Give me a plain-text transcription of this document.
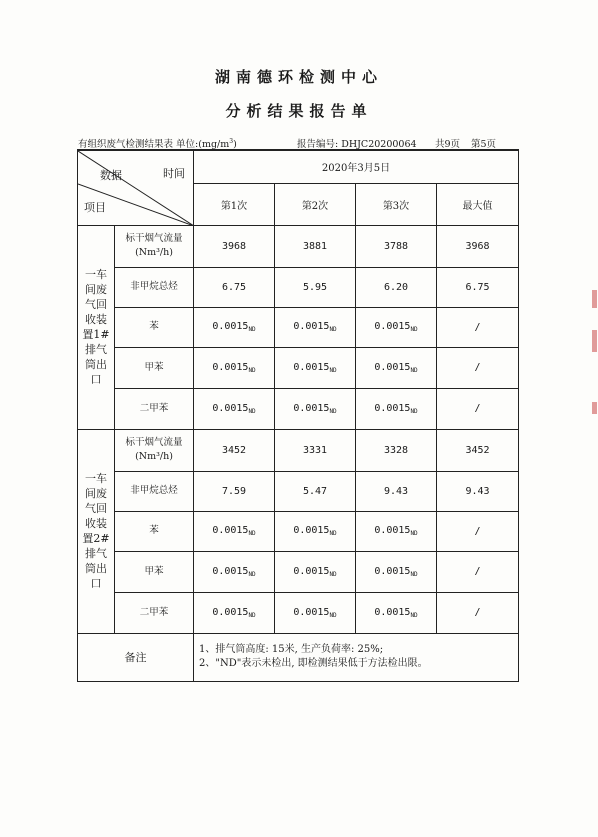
湖南德环检测中心
分析结果报告单
有组织废气检测结果表 单位$:(mg/m^3)$	报告编号: DHJC20200064 共9页 第5页
数据 时间
项目		2020年3月5日			
		第1次	第2次	第3次	最大值
一车间废气回收装置1#排气筒出口	标干烟气流量
(Nm³/h)	3968	3881	3788	3968

	非甲烷总烃	6.75	5.95	6.20	6.75

	苯	$0.0015_{ND}$	$0.0015_{ND}$	$0.0015_{ND}$	/

	甲苯	$0.0015_{ND}$	$0.0015_{ND}$	$0.0015_{ND}$	/

	二甲苯	$0.0015_{ND}$	$0.0015_{ND}$	$0.0015_{ND}$	/
一车间废气回收装置2#排气筒出口	标干烟气流量
(Nm³/h)	3452	3331	3328	3452

	非甲烷总烃	7.59	5.47	9.43	9.43

	苯	$0.0015_{ND}$	$0.0015_{ND}$	$0.0015_{ND}$	/

	甲苯	$0.0015_{ND}$	$0.0015_{ND}$	$0.0015_{ND}$	/

	二甲苯	$0.0015_{ND}$	$0.0015_{ND}$	$0.0015_{ND}$	/
备注		1、排气筒高度: 15米, 生产负荷率: 25%;
2、"ND"表示未检出, 即检测结果低于方法检出限。			
